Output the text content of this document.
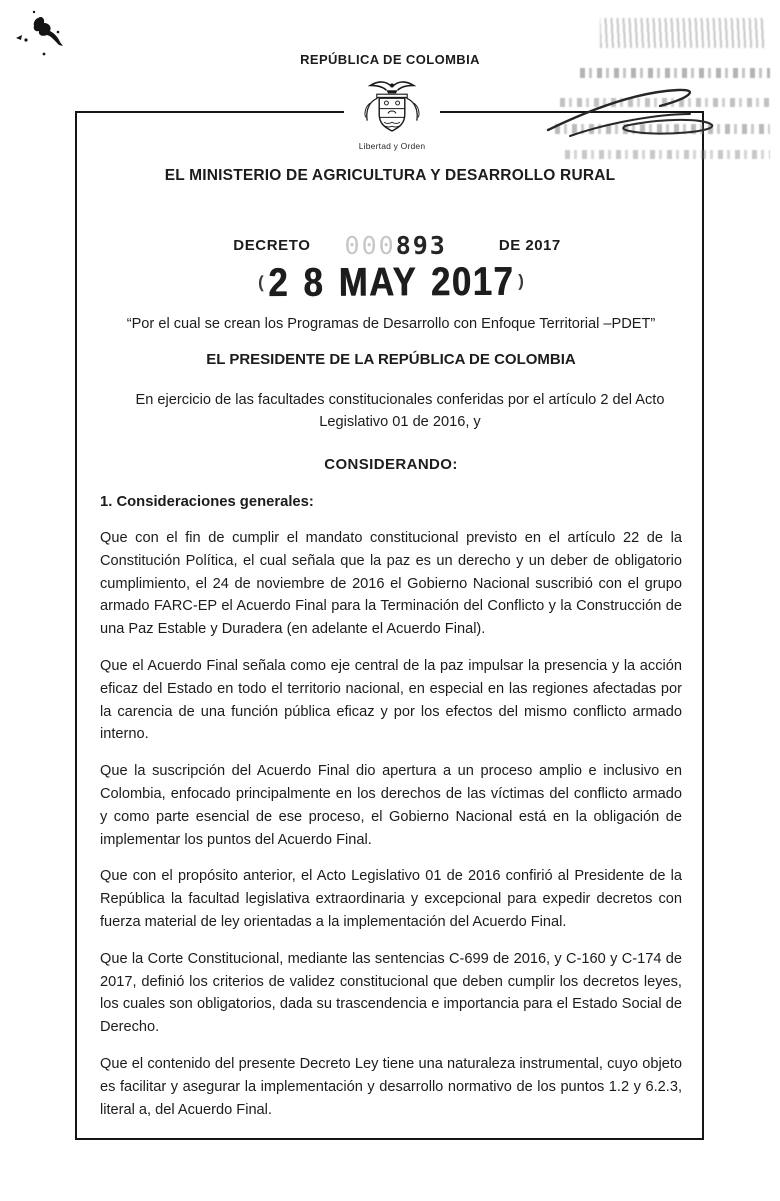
REPÚBLICA DE COLOMBIA
Libertad y Orden
EL MINISTERIO DE AGRICULTURA Y DESARROLLO RURAL
DECRETO 000893	DE 2017
( 2 8 MAY 2017 )
“Por el cual se crean los Programas de Desarrollo con Enfoque Territorial –PDET”
EL PRESIDENTE DE LA REPÚBLICA DE COLOMBIA
En ejercicio de las facultades constitucionales conferidas por el artículo 2 del Acto Legislativo 01 de 2016, y
CONSIDERANDO:
1. Consideraciones generales:

Que con el fin de cumplir el mandato constitucional previsto en el artículo 22 de la Constitución Política, el cual señala que la paz es un derecho y un deber de obligatorio cumplimiento, el 24 de noviembre de 2016 el Gobierno Nacional suscribió con el grupo armado FARC-EP el Acuerdo Final para la Terminación del Conflicto y la Construcción de una Paz Estable y Duradera (en adelante el Acuerdo Final).

Que el Acuerdo Final señala como eje central de la paz impulsar la presencia y la acción eficaz del Estado en todo el territorio nacional, en especial en las regiones afectadas por la carencia de una función pública eficaz y por los efectos del mismo conflicto armado interno.

Que la suscripción del Acuerdo Final dio apertura a un proceso amplio e inclusivo en Colombia, enfocado principalmente en los derechos de las víctimas del conflicto armado y como parte esencial de ese proceso, el Gobierno Nacional está en la obligación de implementar los puntos del Acuerdo Final.

Que con el propósito anterior, el Acto Legislativo 01 de 2016 confirió al Presidente de la República la facultad legislativa extraordinaria y excepcional para expedir decretos con fuerza material de ley orientadas a la implementación del Acuerdo Final.

Que la Corte Constitucional, mediante las sentencias C-699 de 2016, y C-160 y C-174 de 2017, definió los criterios de validez constitucional que deben cumplir los decretos leyes, los cuales son obligatorios, dada su trascendencia e importancia para el Estado Social de Derecho.

Que el contenido del presente Decreto Ley tiene una naturaleza instrumental, cuyo objeto es facilitar y asegurar la implementación y desarrollo normativo de los puntos 1.2 y 6.2.3, literal a, del Acuerdo Final.
